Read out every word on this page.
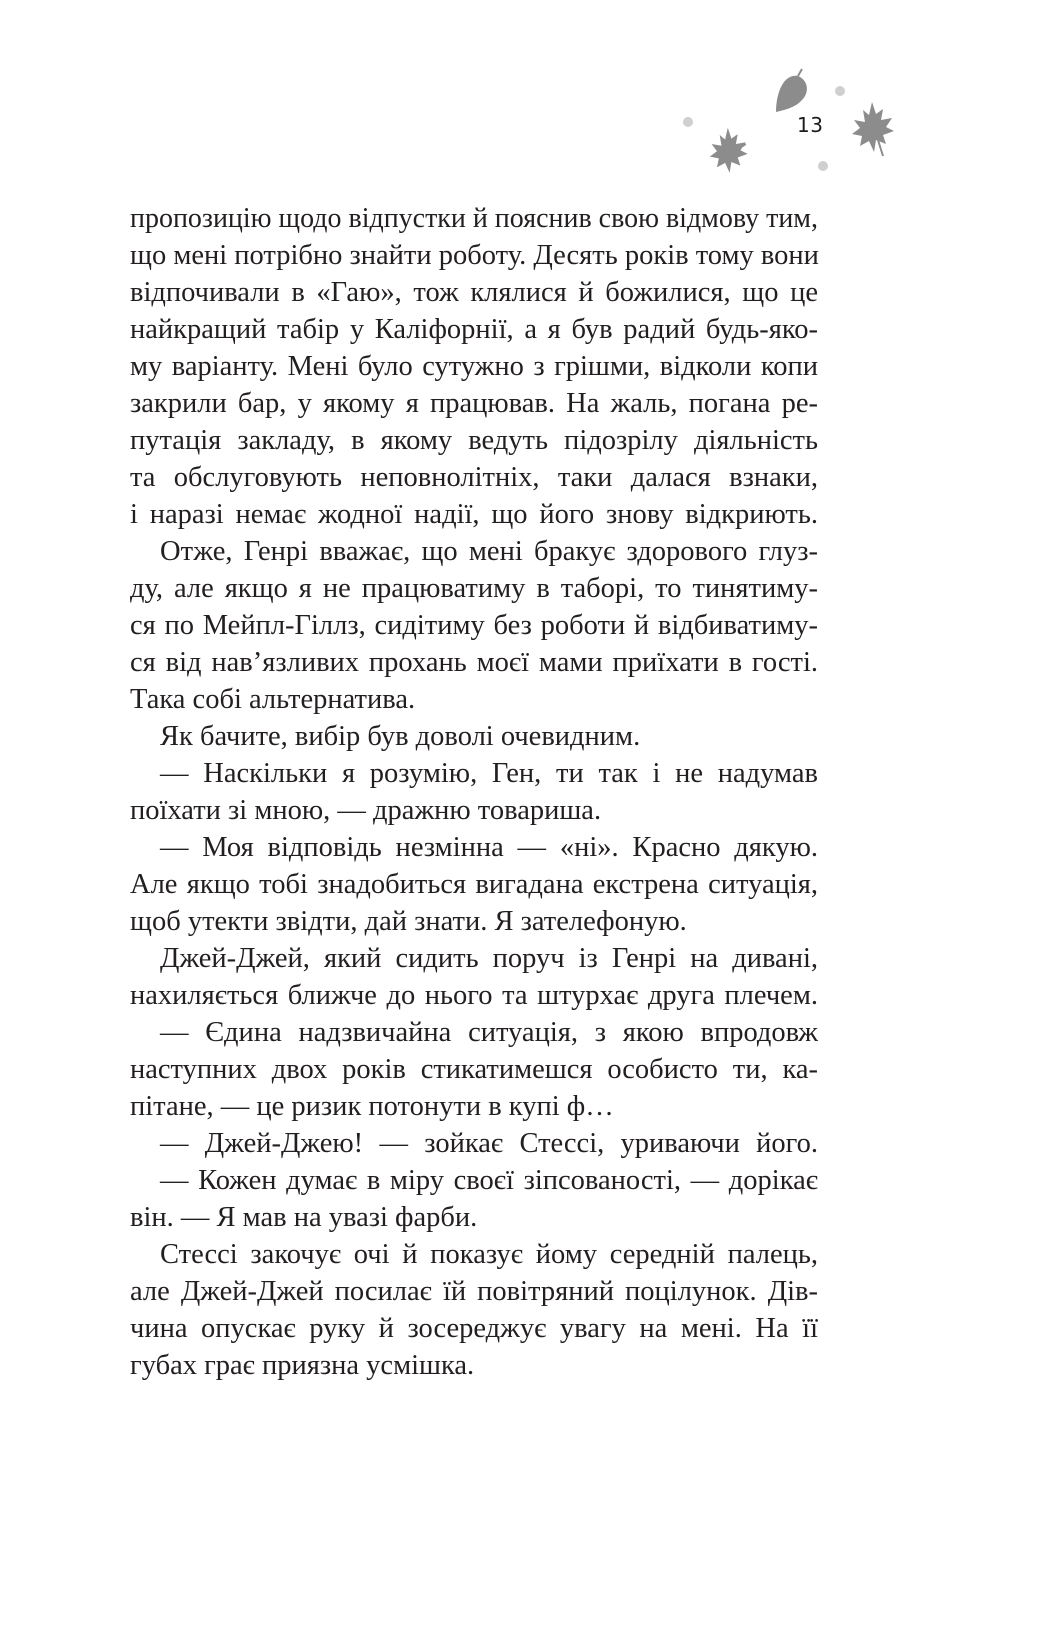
13
пропозицію щодо відпустки й пояснив свою відмову тим,
що мені потрібно знайти роботу. Десять років тому вони
відпочивали в «Гаю», тож клялися й божилися, що це
найкращий табір у Каліфорнії, а я був радий будь-яко-
му варіанту. Мені було сутужно з грішми, відколи копи
закрили бар, у якому я працював. На жаль, погана ре-
путація закладу, в якому ведуть підозрілу діяльність
та обслуговують неповнолітніх, таки далася взнаки,
і наразі немає жодної надії, що його знову відкриють.
Отже, Генрі вважає, що мені бракує здорового глуз-
ду, але якщо я не працюватиму в таборі, то тинятиму-
ся по Мейпл-Гіллз, сидітиму без роботи й відбиватиму-
ся від нав’язливих прохань моєї мами приїхати в гості.
Така собі альтернатива.
Як бачите, вибір був доволі очевидним.
— Наскільки я розумію, Ген, ти так і не надумав
поїхати зі мною, — дражню товариша.
— Моя відповідь незмінна — «ні». Красно дякую.
Але якщо тобі знадобиться вигадана екстрена ситуація,
щоб утекти звідти, дай знати. Я зателефоную.
Джей-Джей, який сидить поруч із Генрі на дивані,
нахиляється ближче до нього та штурхає друга плечем.
— Єдина надзвичайна ситуація, з якою впродовж
наступних двох років стикатимешся особисто ти, ка-
пітане, — це ризик потонути в купі ф…
— Джей-Джею! — зойкає Стессі, уриваючи його.
— Кожен думає в міру своєї зіпсованості, — дорікає
він. — Я мав на увазі фарби.
Стессі закочує очі й показує йому середній палець,
але Джей-Джей посилає їй повітряний поцілунок. Дів-
чина опускає руку й зосереджує увагу на мені. На її
губах грає приязна усмішка.
